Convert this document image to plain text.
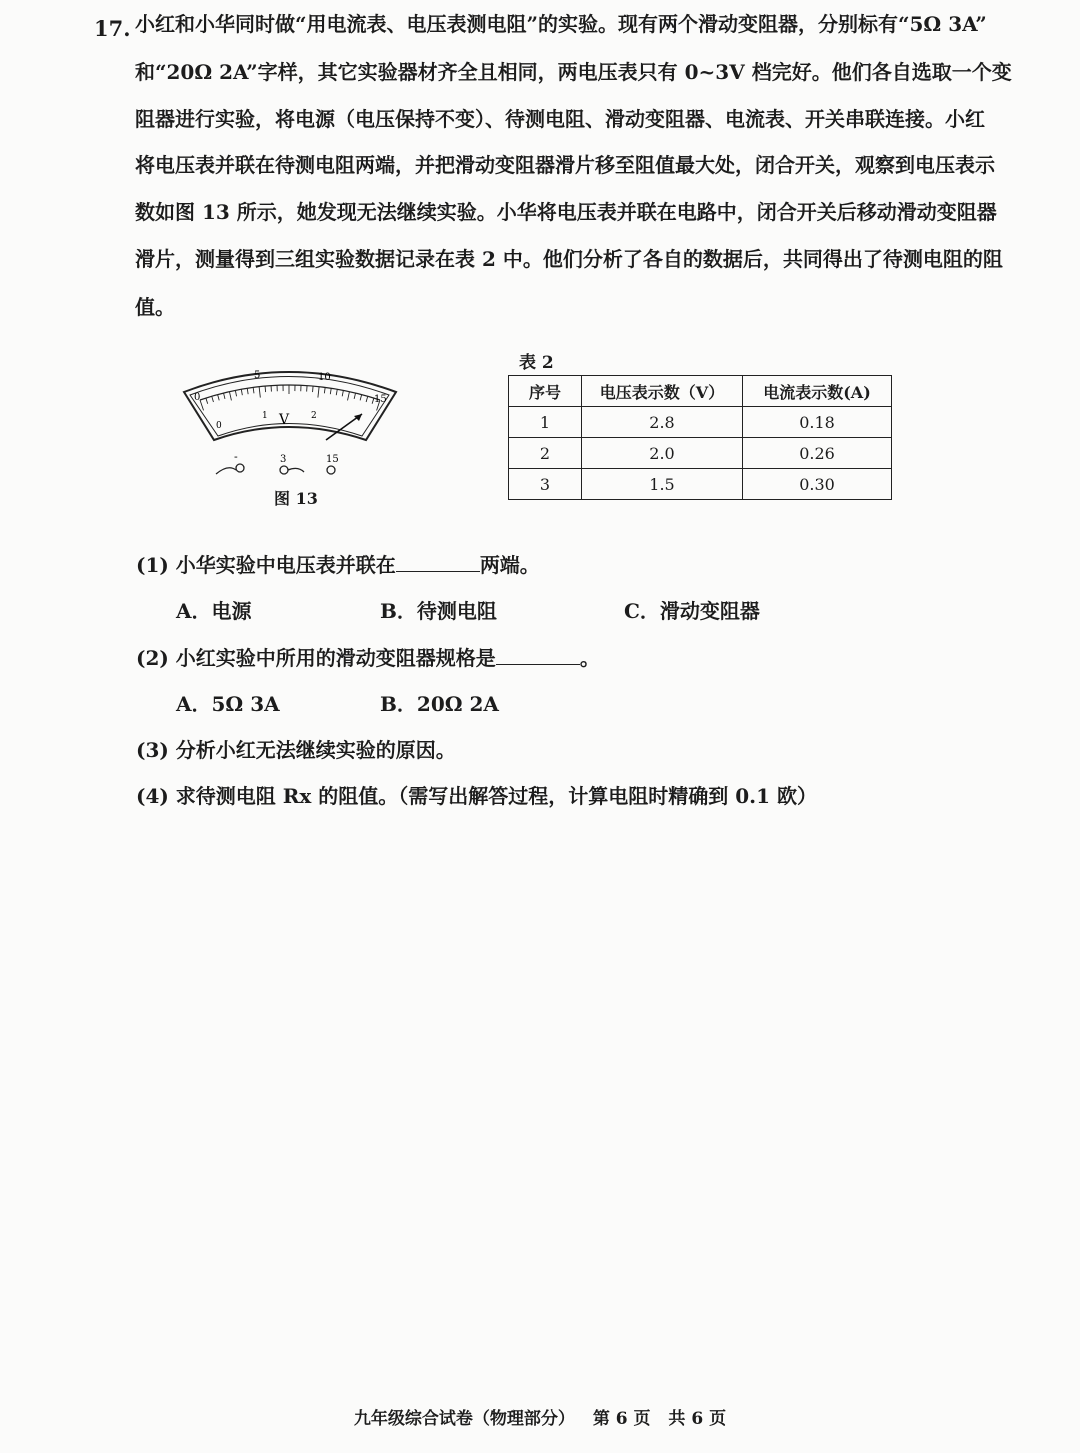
17. 小红和小华同时做“用电流表、电压表测电阻”的实验。现有两个滑动变阻器，分别标有“5Ω 3A”
和“20Ω 2A”字样，其它实验器材齐全且相同，两电压表只有 0~3V 档完好。他们各自选取一个变
阻器进行实验，将电源（电压保持不变）、待测电阻、滑动变阻器、电流表、开关串联连接。小红
将电压表并联在待测电阻两端，并把滑动变阻器滑片移至阻值最大处，闭合开关，观察到电压表示
数如图 13 所示，她发现无法继续实验。小华将电压表并联在电路中，闭合开关后移动滑动变阻器
滑片，测量得到三组实验数据记录在表 2 中。他们分析了各自的数据后，共同得出了待测电阻的阻
值。
0
5	10
15
0
1	2
V
-	3	15
图 13
表 2
序号	电压表示数（V）	电流表示数(A)
1	2.8	0.18
2	2.0	0.26
3	1.5	0.30
(1) 小华实验中电压表并联在	两端。
A．电源	B．待测电阻	C．滑动变阻器
(2) 小红实验中所用的滑动变阻器规格是	。
A．5Ω 3A	B．20Ω 2A
(3) 分析小红无法继续实验的原因。
(4) 求待测电阻 Rx 的阻值。（需写出解答过程，计算电阻时精确到 0.1 欧）
九年级综合试卷（物理部分） 第 6 页 共 6 页
